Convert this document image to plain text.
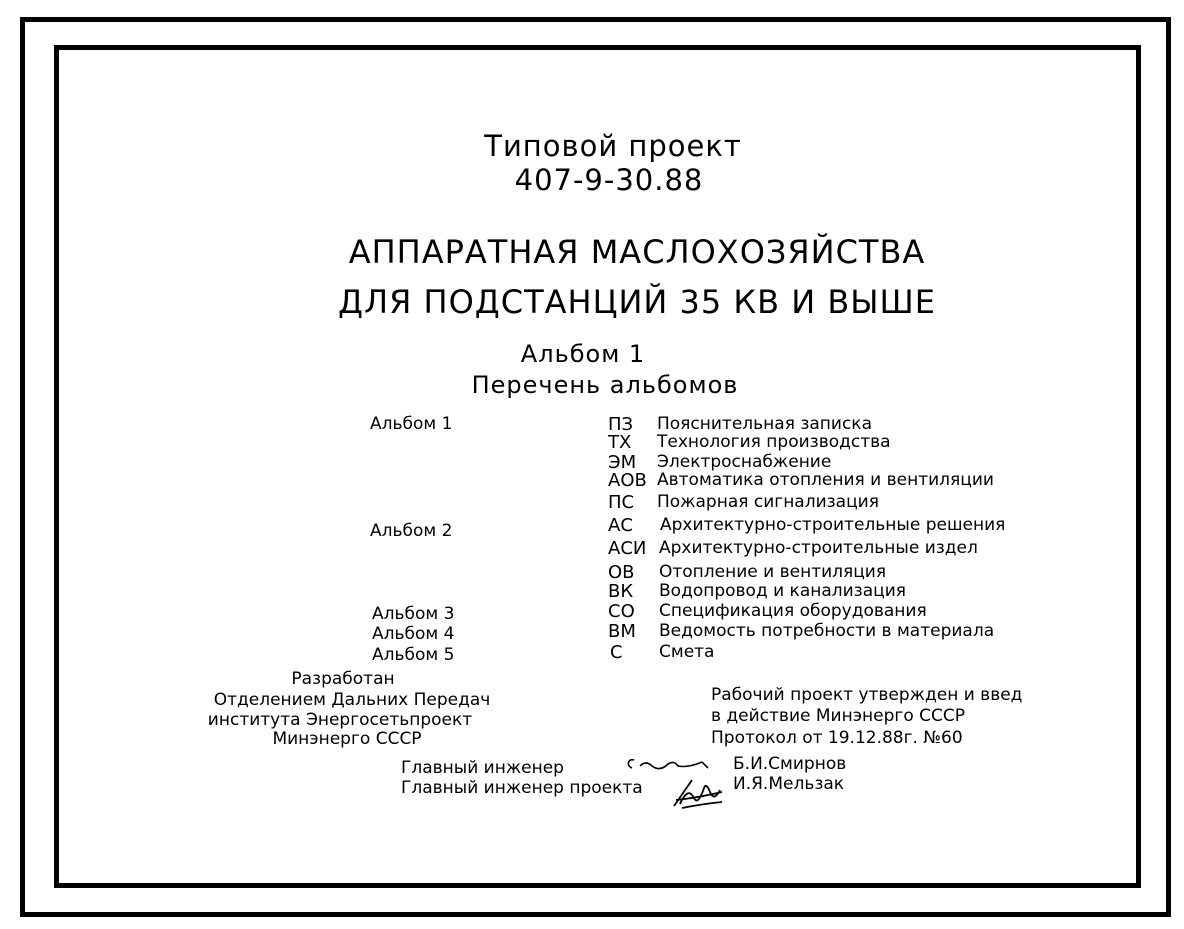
Типовой проект
407-9-30.88
АППАРАТНАЯ МАСЛОХОЗЯЙСТВА
ДЛЯ ПОДСТАНЦИЙ 35 КВ И ВЫШЕ
Альбом 1
Перечень альбомов
Альбом 1
Альбом 2
Альбом 3
Альбом 4
Альбом 5
ПЗ Пояснительная записка
ТХ Технология производства
ЭМ Электроснабжение
АОВ Автоматика отопления и вентиляции
ПС Пожарная сигнализация
АС Архитектурно-строительные решения
АСИ Архитектурно-строительные издел
ОВ Отопление и вентиляция
ВК Водопровод и канализация
СО Спецификация оборудования
ВМ Ведомость потребности в материала
С Смета
Разработан
Отделением Дальних Передач
института Энергосетьпроект
Минэнерго СССР
Рабочий проект утвержден и введ
в действие Минэнерго СССР
Протокол от 19.12.88г. №60
Главный инженер	Б.И.Смирнов
Главный инженер проекта	И.Я.Мельзак
